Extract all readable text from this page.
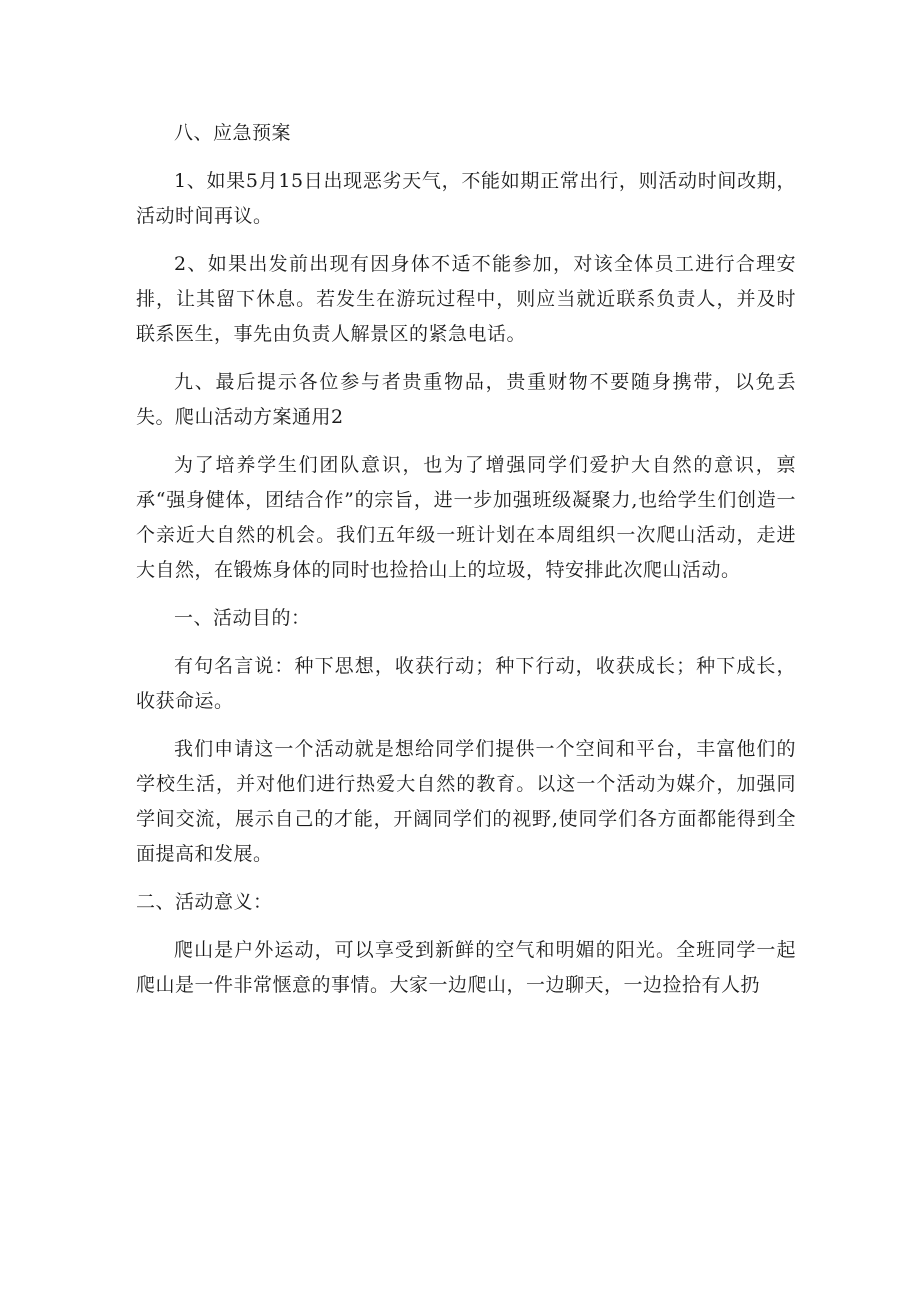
八、应急预案

1、如果5月15日出现恶劣天气，不能如期正常出行，则活动时间改期，活动时间再议。

2、如果出发前出现有因身体不适不能参加，对该全体员工进行合理安排，让其留下休息。若发生在游玩过程中，则应当就近联系负责人，并及时联系医生，事先由负责人解景区的紧急电话。

九、最后提示各位参与者贵重物品，贵重财物不要随身携带，以免丢失。爬山活动方案通用2

为了培养学生们团队意识，也为了增强同学们爱护大自然的意识，禀承“强身健体，团结合作”的宗旨，进一步加强班级凝聚力,也给学生们创造一个亲近大自然的机会。我们五年级一班计划在本周组织一次爬山活动，走进大自然，在锻炼身体的同时也捡拾山上的垃圾，特安排此次爬山活动。

一、活动目的：

有句名言说：种下思想，收获行动；种下行动，收获成长；种下成长，收获命运。

我们申请这一个活动就是想给同学们提供一个空间和平台，丰富他们的学校生活，并对他们进行热爱大自然的教育。以这一个活动为媒介，加强同学间交流，展示自己的才能，开阔同学们的视野,使同学们各方面都能得到全面提高和发展。

二、活动意义：

爬山是户外运动，可以享受到新鲜的空气和明媚的阳光。全班同学一起爬山是一件非常惬意的事情。大家一边爬山，一边聊天，一边捡拾有人扔
